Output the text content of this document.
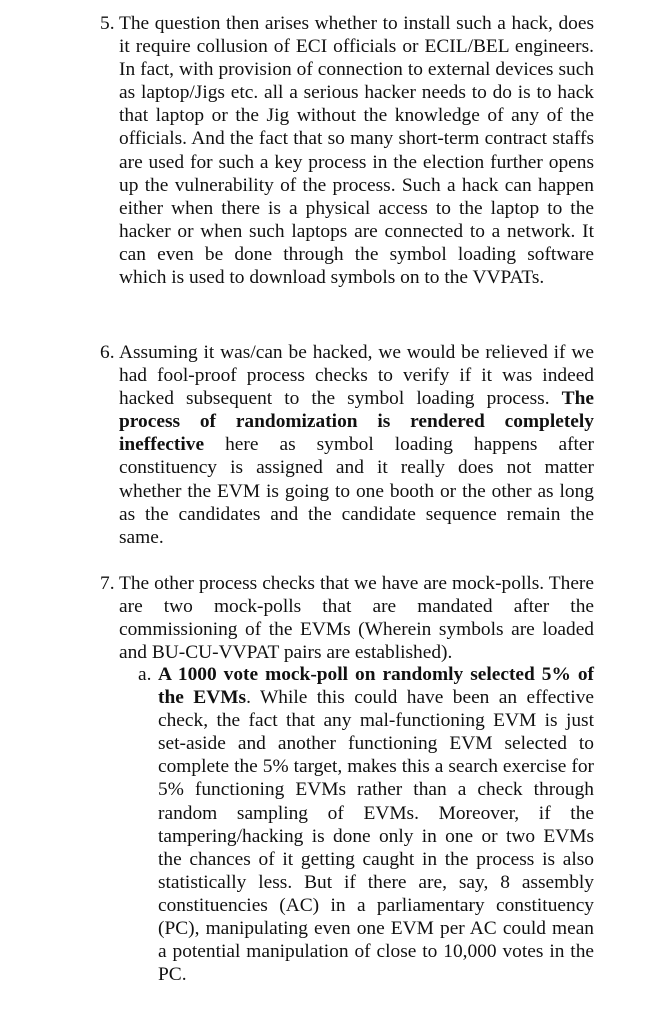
5. The question then arises whether to install such a hack, does it require collusion of ECI officials or ECIL/BEL engineers. In fact, with provision of connection to external devices such as laptop/Jigs etc. all a serious hacker needs to do is to hack that laptop or the Jig without the knowledge of any of the officials. And the fact that so many short-term contract staffs are used for such a key process in the election further opens up the vulnerability of the process. Such a hack can happen either when there is a physical access to the laptop to the hacker or when such laptops are connected to a network. It can even be done through the symbol loading software which is used to download symbols on to the VVPATs.
6. Assuming it was/can be hacked, we would be relieved if we had fool-proof process checks to verify if it was indeed hacked subsequent to the symbol loading process. The process of randomization is rendered completely ineffective here as symbol loading happens after constituency is assigned and it really does not matter whether the EVM is going to one booth or the other as long as the candidates and the candidate sequence remain the same.
7. The other process checks that we have are mock-polls. There are two mock-polls that are mandated after the commissioning of the EVMs (Wherein symbols are loaded and BU-CU-VVPAT pairs are established).
a. A 1000 vote mock-poll on randomly selected 5% of the EVMs. While this could have been an effective check, the fact that any mal-functioning EVM is just set-aside and another functioning EVM selected to complete the 5% target, makes this a search exercise for 5% functioning EVMs rather than a check through random sampling of EVMs. Moreover, if the tampering/hacking is done only in one or two EVMs the chances of it getting caught in the process is also statistically less. But if there are, say, 8 assembly constituencies (AC) in a parliamentary constituency (PC), manipulating even one EVM per AC could mean a potential manipulation of close to 10,000 votes in the PC.
